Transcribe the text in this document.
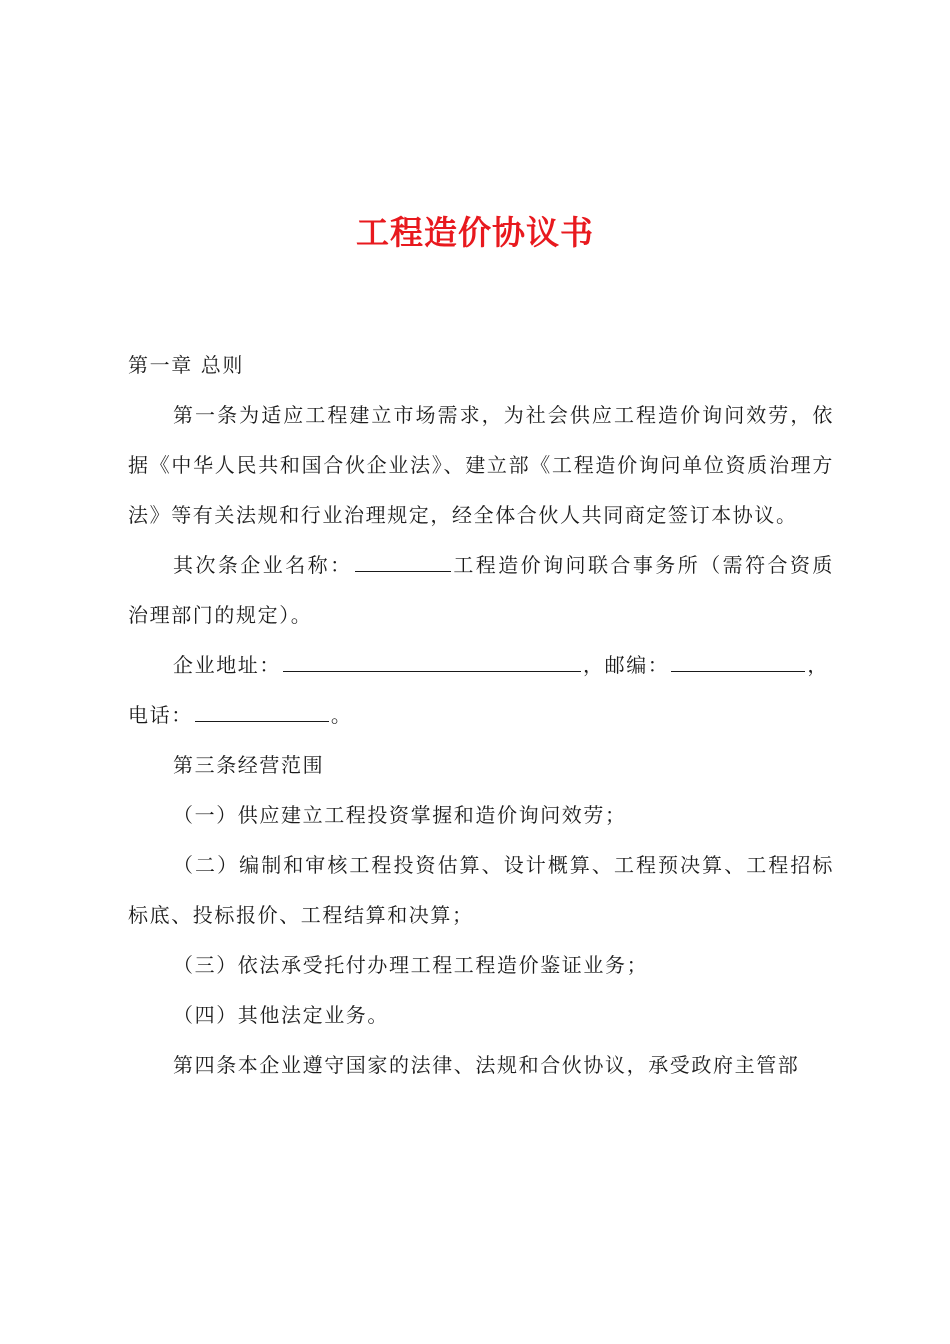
工程造价协议书

第一章 总则

第一条为适应工程建立市场需求，为社会供应工程造价询问效劳，依据《中华人民共和国合伙企业法》、建立部《工程造价询问单位资质治理方法》等有关法规和行业治理规定，经全体合伙人共同商定签订本协议。

其次条企业名称：	工程造价询问联合事务所（需符合资质治理部门的规定）。

企业地址：	，邮编：	，

电话：	。

第三条经营范围

（一）供应建立工程投资掌握和造价询问效劳；

（二）编制和审核工程投资估算、设计概算、工程预决算、工程招标标底、投标报价、工程结算和决算；

（三）依法承受托付办理工程工程造价鉴证业务；

（四）其他法定业务。

第四条本企业遵守国家的法律、法规和合伙协议，承受政府主管部
